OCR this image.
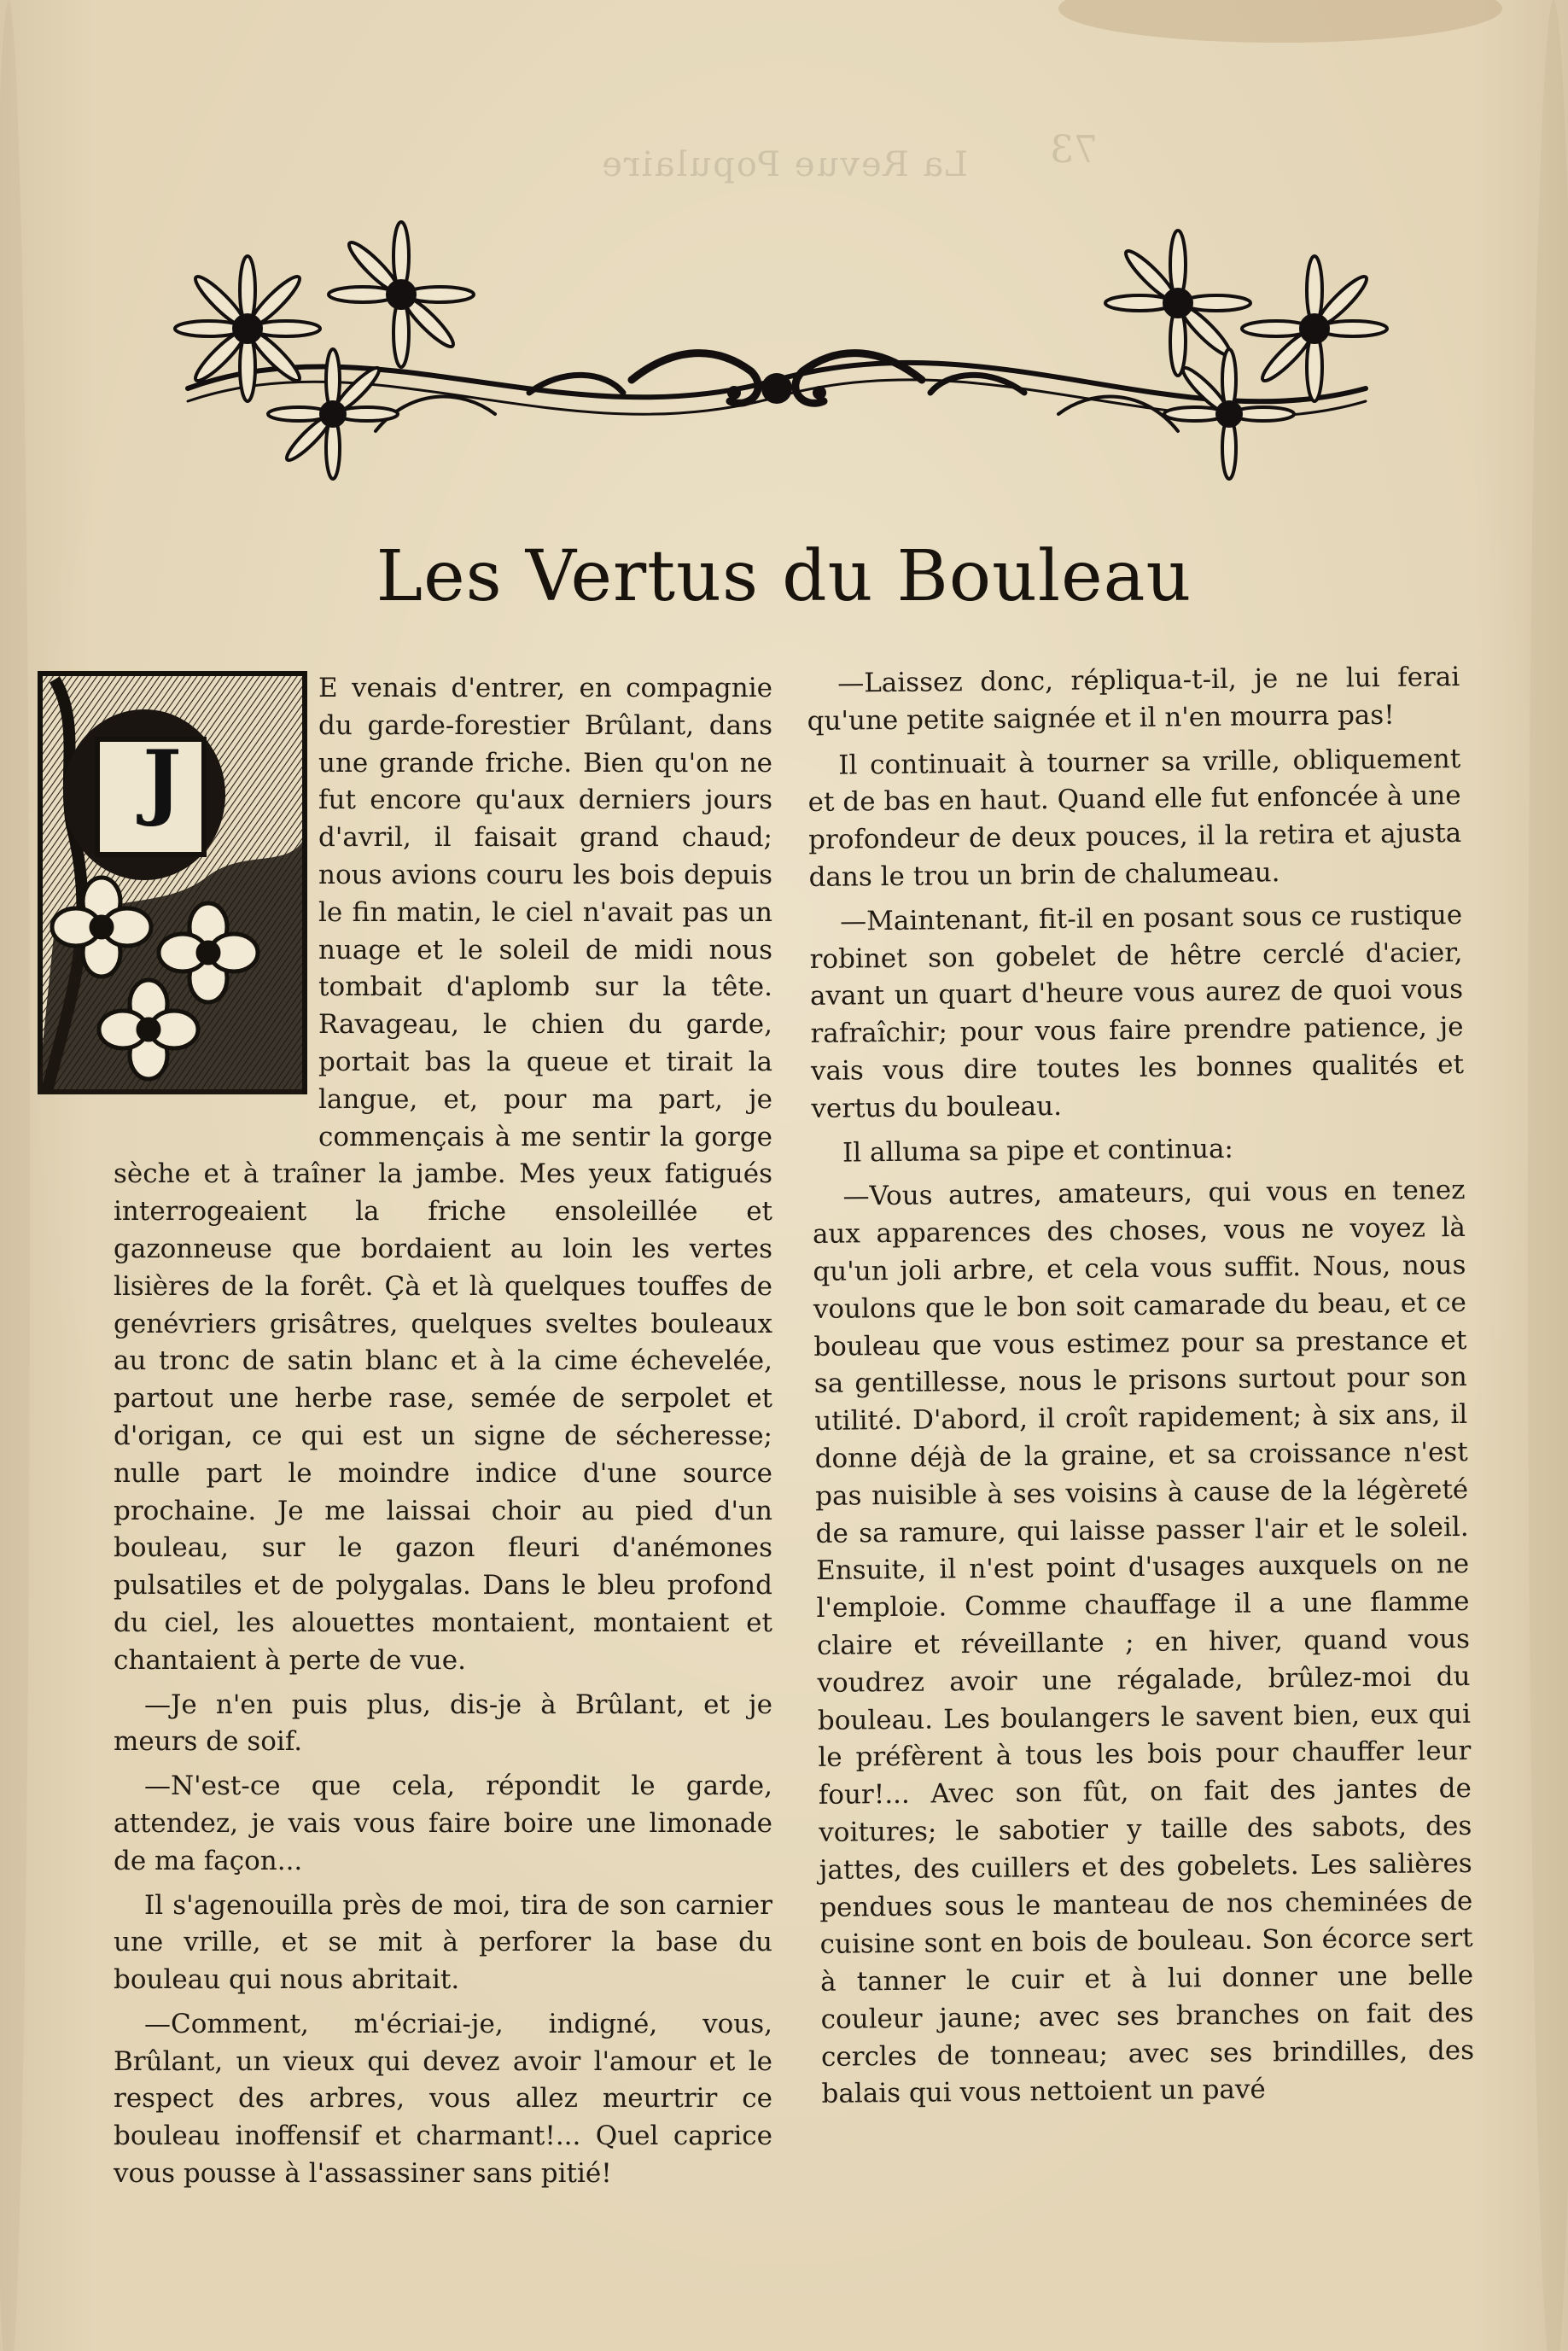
La Revue Populaire	73
Les Vertus du Bouleau
J

E venais d'entrer, en compagnie du garde-forestier Brûlant, dans une grande friche. Bien qu'on ne fut encore qu'aux derniers jours d'avril, il faisait grand chaud; nous avions couru les bois depuis le fin matin, le ciel n'avait pas un nuage et le soleil de midi nous tombait d'aplomb sur la tête. Ravageau, le chien du garde, portait bas la queue et tirait la langue, et, pour ma part, je commençais à me sentir la gorge sèche et à traîner la jambe. Mes yeux fatigués interrogeaient la friche ensoleillée et gazonneuse que bordaient au loin les vertes lisières de la forêt. Çà et là quelques touffes de genévriers grisâtres, quelques sveltes bouleaux au tronc de satin blanc et à la cime échevelée, partout une herbe rase, semée de serpolet et d'origan, ce qui est un signe de sécheresse; nulle part le moindre indice d'une source prochaine. Je me laissai choir au pied d'un bouleau, sur le gazon fleuri d'anémones pulsatiles et de polygalas. Dans le bleu profond du ciel, les alouettes montaient, montaient et chantaient à perte de vue.

—Je n'en puis plus, dis-je à Brûlant, et je meurs de soif.

—N'est-ce que cela, répondit le garde, attendez, je vais vous faire boire une limonade de ma façon...

Il s'agenouilla près de moi, tira de son carnier une vrille, et se mit à perforer la base du bouleau qui nous abritait.

—Comment, m'écriai-je, indigné, vous, Brûlant, un vieux qui devez avoir l'amour et le respect des arbres, vous allez meurtrir ce bouleau inoffensif et charmant!... Quel caprice vous pousse à l'assassiner sans pitié!

—Laissez donc, répliqua-t-il, je ne lui ferai qu'une petite saignée et il n'en mourra pas!

Il continuait à tourner sa vrille, obliquement et de bas en haut. Quand elle fut enfoncée à une profondeur de deux pouces, il la retira et ajusta dans le trou un brin de chalumeau.

—Maintenant, fit-il en posant sous ce rustique robinet son gobelet de hêtre cerclé d'acier, avant un quart d'heure vous aurez de quoi vous rafraîchir; pour vous faire prendre patience, je vais vous dire toutes les bonnes qualités et vertus du bouleau.

Il alluma sa pipe et continua:

—Vous autres, amateurs, qui vous en tenez aux apparences des choses, vous ne voyez là qu'un joli arbre, et cela vous suffit. Nous, nous voulons que le bon soit camarade du beau, et ce bouleau que vous estimez pour sa prestance et sa gentillesse, nous le prisons surtout pour son utilité. D'abord, il croît rapidement; à six ans, il donne déjà de la graine, et sa croissance n'est pas nuisible à ses voisins à cause de la légèreté de sa ramure, qui laisse passer l'air et le soleil. Ensuite, il n'est point d'usages auxquels on ne l'emploie. Comme chauffage il a une flamme claire et réveillante ; en hiver, quand vous voudrez avoir une régalade, brûlez-moi du bouleau. Les boulangers le savent bien, eux qui le préfèrent à tous les bois pour chauffer leur four!... Avec son fût, on fait des jantes de voitures; le sabotier y taille des sabots, des jattes, des cuillers et des gobelets. Les salières pendues sous le manteau de nos cheminées de cuisine sont en bois de bouleau. Son écorce sert à tanner le cuir et à lui donner une belle couleur jaune; avec ses branches on fait des cercles de tonneau; avec ses brindilles, des balais qui vous nettoient un pavé
